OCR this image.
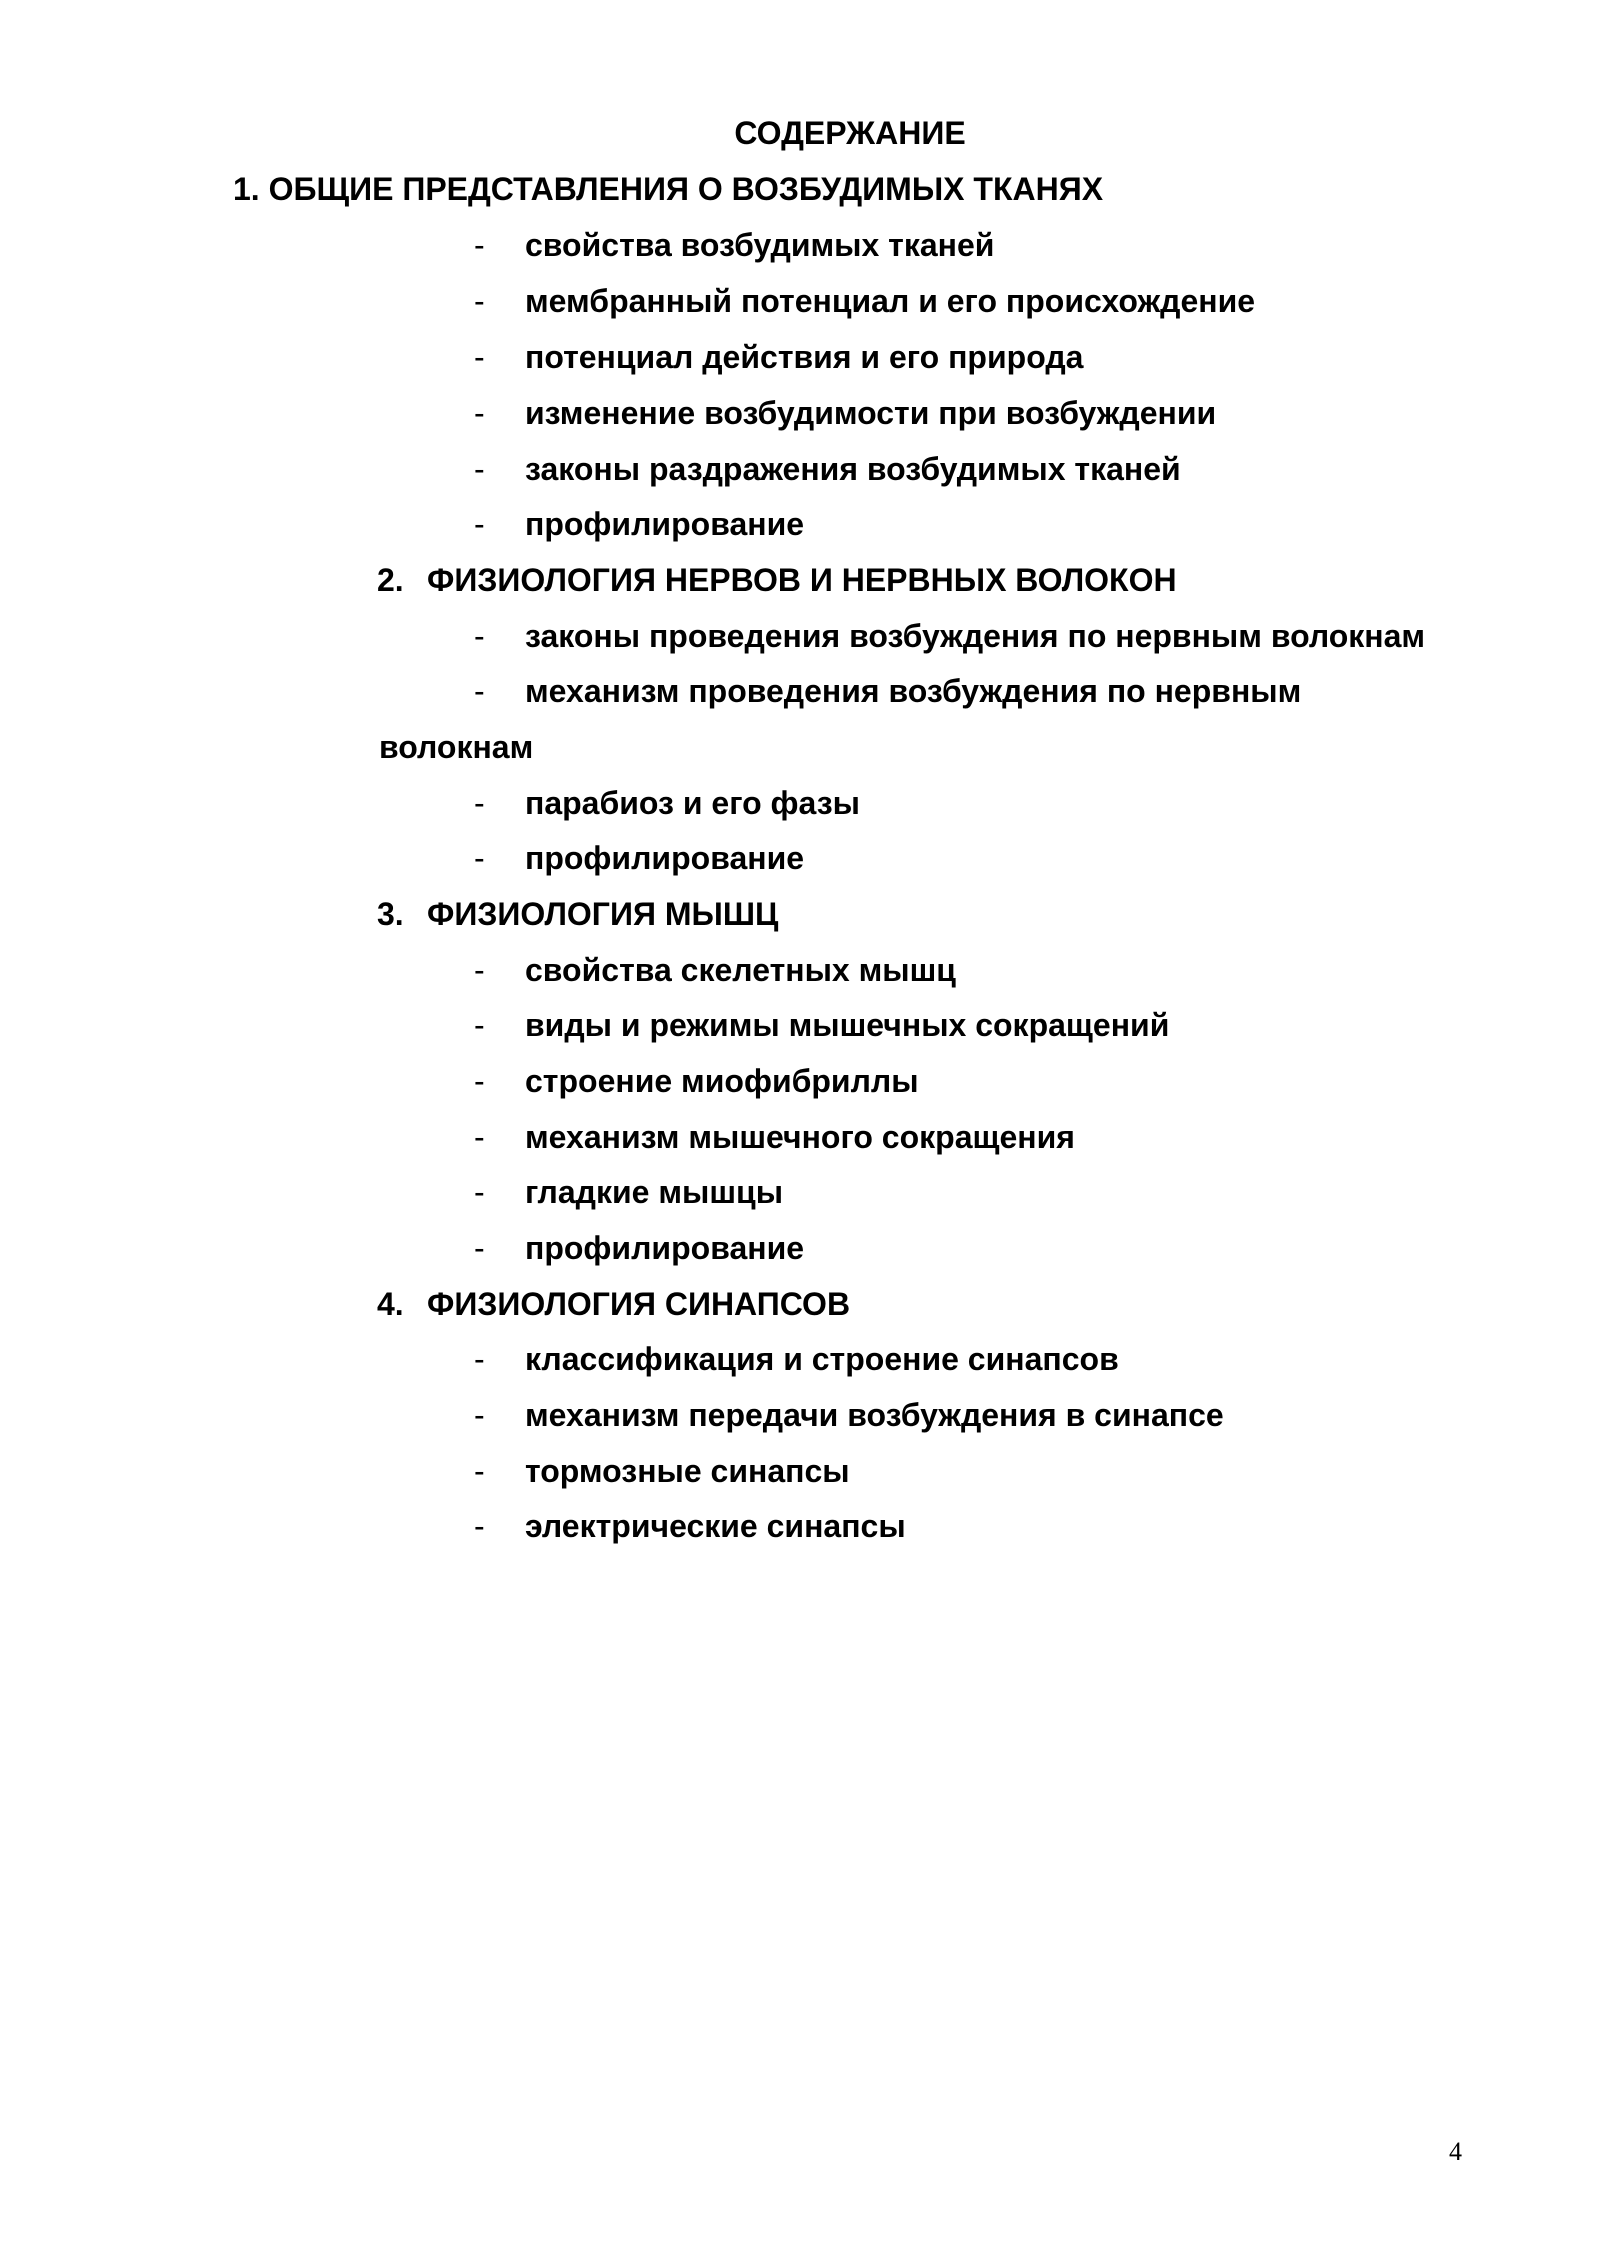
СОДЕРЖАНИЕ
1. ОБЩИЕ ПРЕДСТАВЛЕНИЯ О ВОЗБУДИМЫХ ТКАНЯХ
- свойства возбудимых тканей
- мембранный потенциал и его происхождение
- потенциал действия и его природа
- изменение возбудимости при возбуждении
- законы раздражения возбудимых тканей
- профилирование
2. ФИЗИОЛОГИЯ НЕРВОВ И НЕРВНЫХ ВОЛОКОН
- законы проведения возбуждения по нервным волокнам
- механизм проведения возбуждения по нервным
волокнам
- парабиоз и его фазы
- профилирование
3. ФИЗИОЛОГИЯ МЫШЦ
- свойства скелетных мышц
- виды и режимы мышечных сокращений
- строение миофибриллы
- механизм мышечного сокращения
- гладкие мышцы
- профилирование
4. ФИЗИОЛОГИЯ СИНАПСОВ
- классификация и строение синапсов
- механизм передачи возбуждения в синапсе
- тормозные синапсы
- электрические синапсы
4
